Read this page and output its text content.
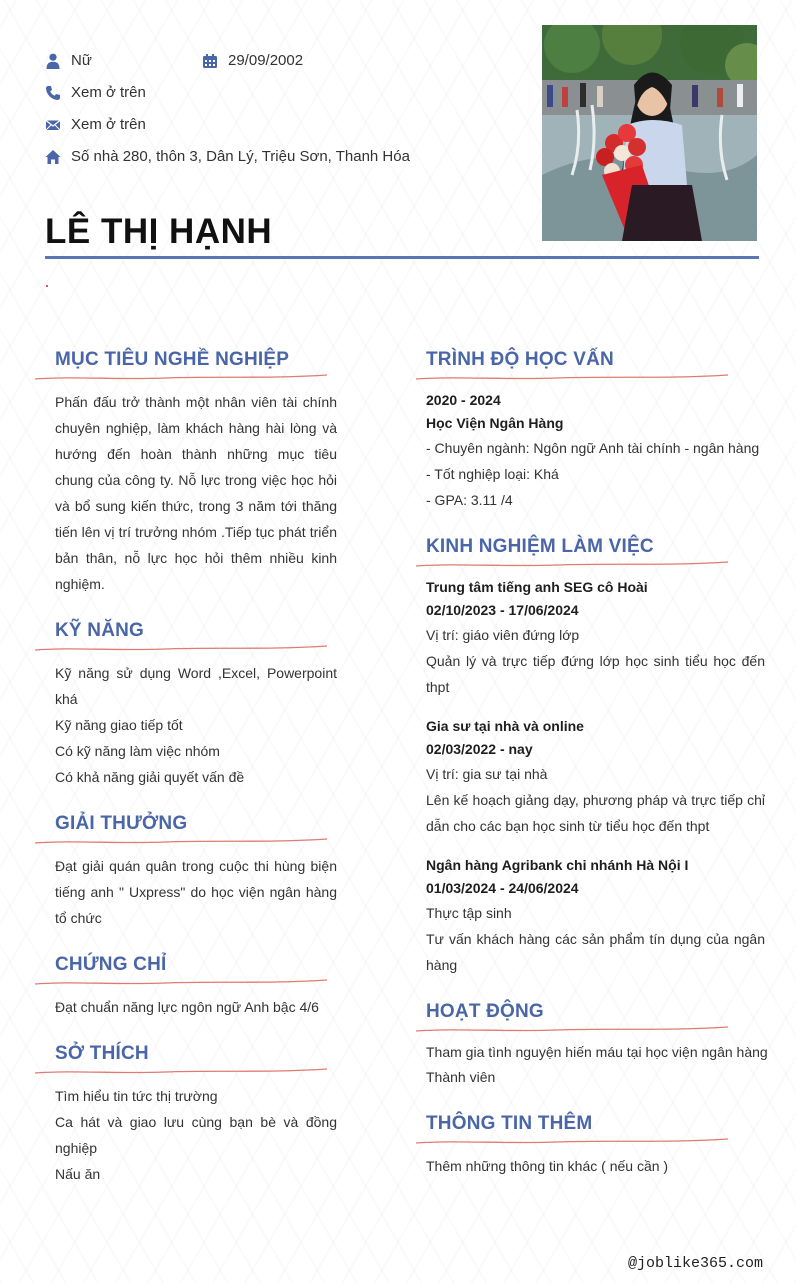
Nữ	29/09/2002
Xem ở trên
Xem ở trên
Số nhà 280, thôn 3, Dân Lý, Triệu Sơn, Thanh Hóa
LÊ THỊ HẠNH
MỤC TIÊU NGHỀ NGHIỆP
Phấn đấu trở thành một nhân viên tài chính chuyên nghiệp, làm khách hàng hài lòng và hướng đến hoàn thành những mục tiêu chung của công ty. Nỗ lực trong việc học hỏi và bổ sung kiến thức, trong 3 năm tới thăng tiến lên vị trí trưởng nhóm .Tiếp tục phát triển bản thân, nỗ lực học hỏi thêm nhiều kinh nghiệm.
KỸ NĂNG
Kỹ năng sử dụng Word ,Excel, Powerpoint khá
Kỹ năng giao tiếp tốt
Có kỹ năng làm việc nhóm
Có khả năng giải quyết vấn đề
GIẢI THƯỞNG
Đạt giải quán quân trong cuộc thi hùng biện tiếng anh " Uxpress" do học viện ngân hàng tổ chức
CHỨNG CHỈ
Đạt chuẩn năng lực ngôn ngữ Anh bậc 4/6
SỞ THÍCH
Tìm hiểu tin tức thị trường
Ca hát và giao lưu cùng bạn bè và đồng nghiệp
Nấu ăn
TRÌNH ĐỘ HỌC VẤN
2020 - 2024
Học Viện Ngân Hàng
- Chuyên ngành: Ngôn ngữ Anh tài chính - ngân hàng
- Tốt nghiệp loại: Khá
- GPA: 3.11 /4
KINH NGHIỆM LÀM VIỆC
Trung tâm tiếng anh SEG cô Hoài
02/10/2023 - 17/06/2024
Vị trí: giáo viên đứng lớp
Quản lý và trực tiếp đứng lớp học sinh tiểu học đến thpt
Gia sư tại nhà và online
02/03/2022 - nay
Vị trí: gia sư tại nhà
Lên kế hoạch giảng dạy, phương pháp và trực tiếp chỉ dẫn cho các bạn học sinh từ tiểu học đến thpt
Ngân hàng Agribank chi nhánh Hà Nội I
01/03/2024 - 24/06/2024
Thực tập sinh
Tư vấn khách hàng các sản phẩm tín dụng của ngân hàng
HOẠT ĐỘNG
Tham gia tình nguyện hiến máu tại học viện ngân hàng
Thành viên
THÔNG TIN THÊM
Thêm những thông tin khác ( nếu cần )
@joblike365.com
